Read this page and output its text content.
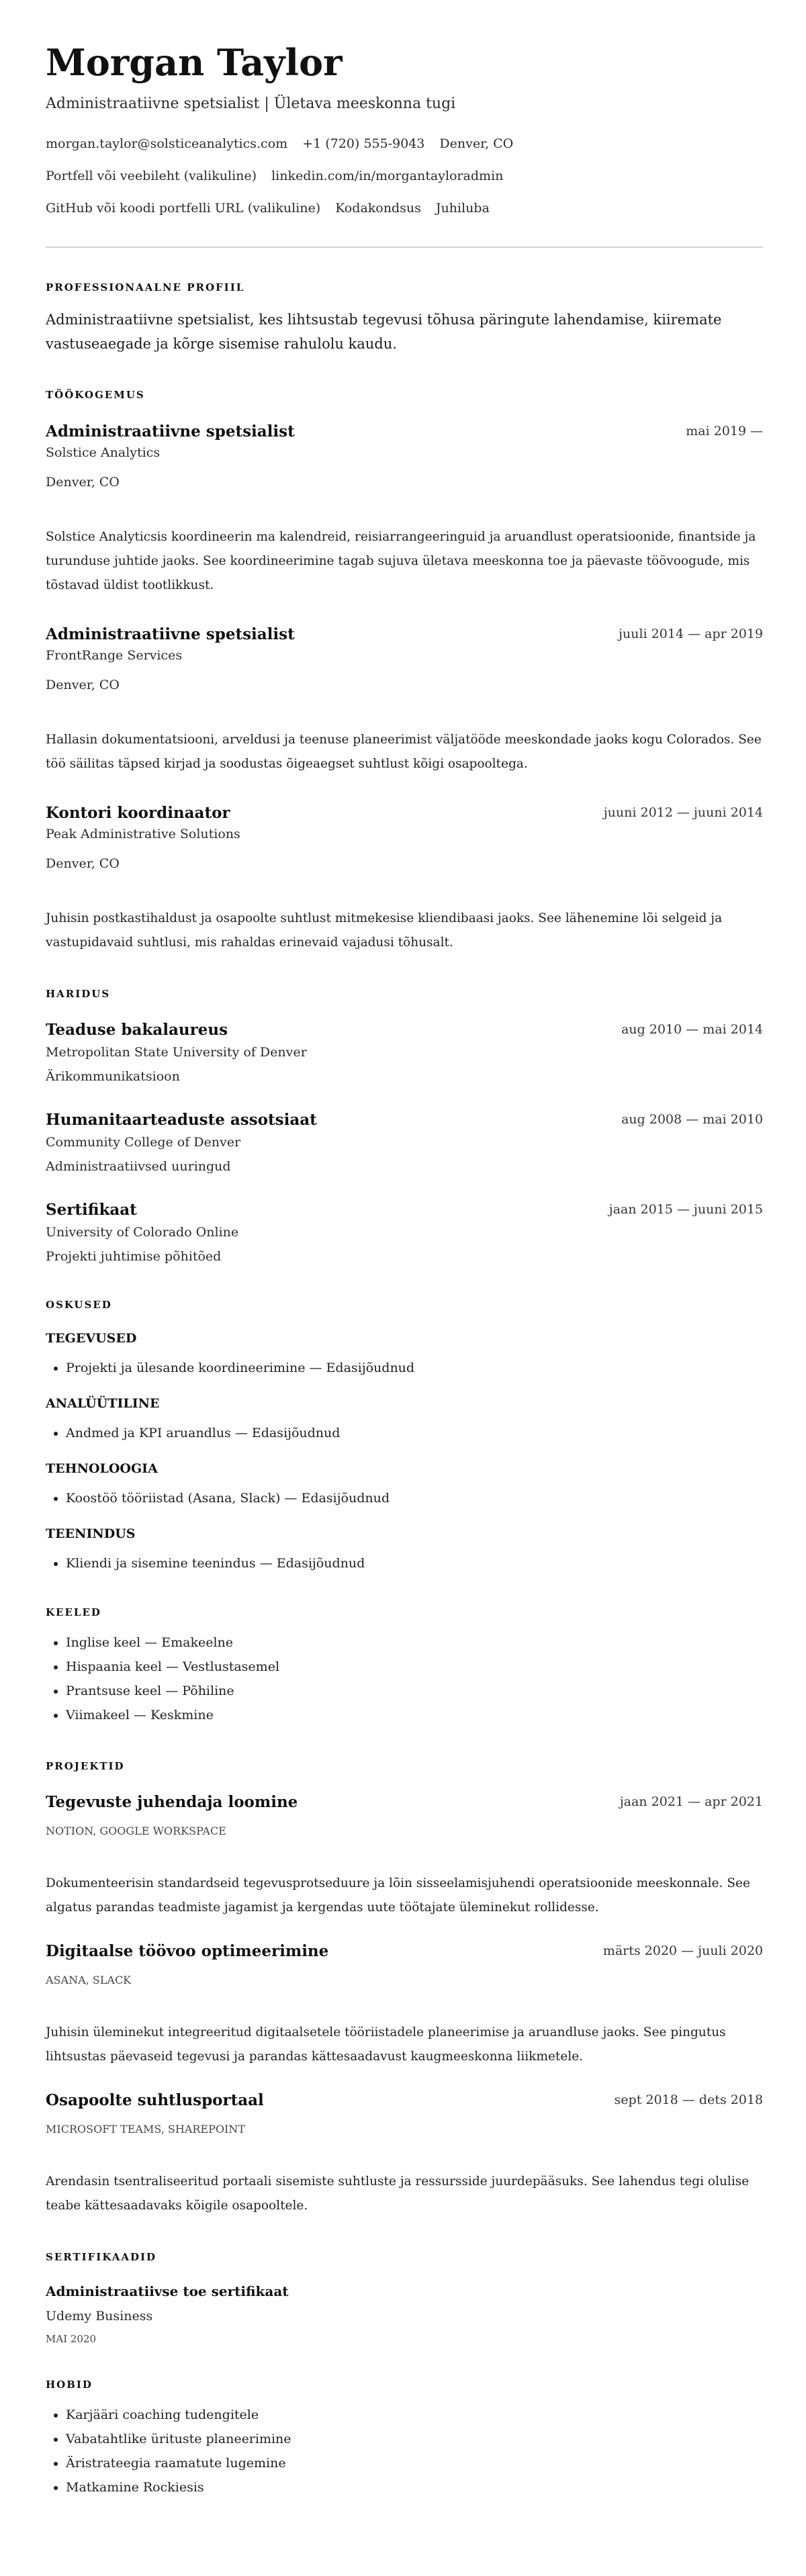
Morgan Taylor
Administraatiivne spetsialist | Ületava meeskonna tugi
morgan.taylor@solsticeanalytics.com +1 (720) 555-9043 Denver, CO
Portfell või veebileht (valikuline) linkedin.com/in/morgantayloradmin
GitHub või koodi portfelli URL (valikuline) Kodakondsus Juhiluba
PROFESSIONAALNE PROFIIL
Administraatiivne spetsialist, kes lihtsustab tegevusi tõhusa päringute lahendamise, kiiremate vastuseaegade ja kõrge sisemise rahulolu kaudu.
TÖÖKOGEMUS
Administraatiivne spetsialist	mai 2019 —
Solstice Analytics
Denver, CO
Solstice Analyticsis koordineerin ma kalendreid, reisiarrangeeringuid ja aruandlust operatsioonide, finantside ja turunduse juhtide jaoks. See koordineerimine tagab sujuva ületava meeskonna toe ja päevaste töövoogude, mis tõstavad üldist tootlikkust.
Administraatiivne spetsialist	juuli 2014 — apr 2019
FrontRange Services
Denver, CO
Hallasin dokumentatsiooni, arveldusi ja teenuse planeerimist väljatööde meeskondade jaoks kogu Colorados. See töö säilitas täpsed kirjad ja soodustas õigeaegset suhtlust kõigi osapooltega.
Kontori koordinaator	juuni 2012 — juuni 2014
Peak Administrative Solutions
Denver, CO
Juhisin postkastihaldust ja osapoolte suhtlust mitmekesise kliendibaasi jaoks. See lähenemine lõi selgeid ja vastupidavaid suhtlusi, mis rahaldas erinevaid vajadusi tõhusalt.
HARIDUS
Teaduse bakalaureus	aug 2010 — mai 2014
Metropolitan State University of Denver
Ärikommunikatsioon
Humanitaarteaduste assotsiaat	aug 2008 — mai 2010
Community College of Denver
Administraatiivsed uuringud
Sertifikaat	jaan 2015 — juuni 2015
University of Colorado Online
Projekti juhtimise põhitõed
OSKUSED
TEGEVUSED
• Projekti ja ülesande koordineerimine — Edasijõudnud
ANALÜÜTILINE
• Andmed ja KPI aruandlus — Edasijõudnud
TEHNOLOOGIA
• Koostöö tööriistad (Asana, Slack) — Edasijõudnud
TEENINDUS
• Kliendi ja sisemine teenindus — Edasijõudnud
KEELED
• Inglise keel — Emakeelne
• Hispaania keel — Vestlustasemel
• Prantsuse keel — Põhiline
• Viimakeel — Keskmine
PROJEKTID
Tegevuste juhendaja loomine	jaan 2021 — apr 2021
NOTION, GOOGLE WORKSPACE
Dokumenteerisin standardseid tegevusprotseduure ja lõin sisseelamisjuhendi operatsioonide meeskonnale. See algatus parandas teadmiste jagamist ja kergendas uute töötajate üleminekut rollidesse.
Digitaalse töövoo optimeerimine	märts 2020 — juuli 2020
ASANA, SLACK
Juhisin üleminekut integreeritud digitaalsetele tööriistadele planeerimise ja aruandluse jaoks. See pingutus lihtsustas päevaseid tegevusi ja parandas kättesaadavust kaugmeeskonna liikmetele.
Osapoolte suhtlusportaal	sept 2018 — dets 2018
MICROSOFT TEAMS, SHAREPOINT
Arendasin tsentraliseeritud portaali sisemiste suhtluste ja ressursside juurdepääsuks. See lahendus tegi olulise teabe kättesaadavaks kõigile osapooltele.
SERTIFIKAADID
Administraatiivse toe sertifikaat
Udemy Business
MAI 2020
HOBID
• Karjääri coaching tudengitele
• Vabatahtlike ürituste planeerimine
• Äristrateegia raamatute lugemine
• Matkamine Rockiesis
